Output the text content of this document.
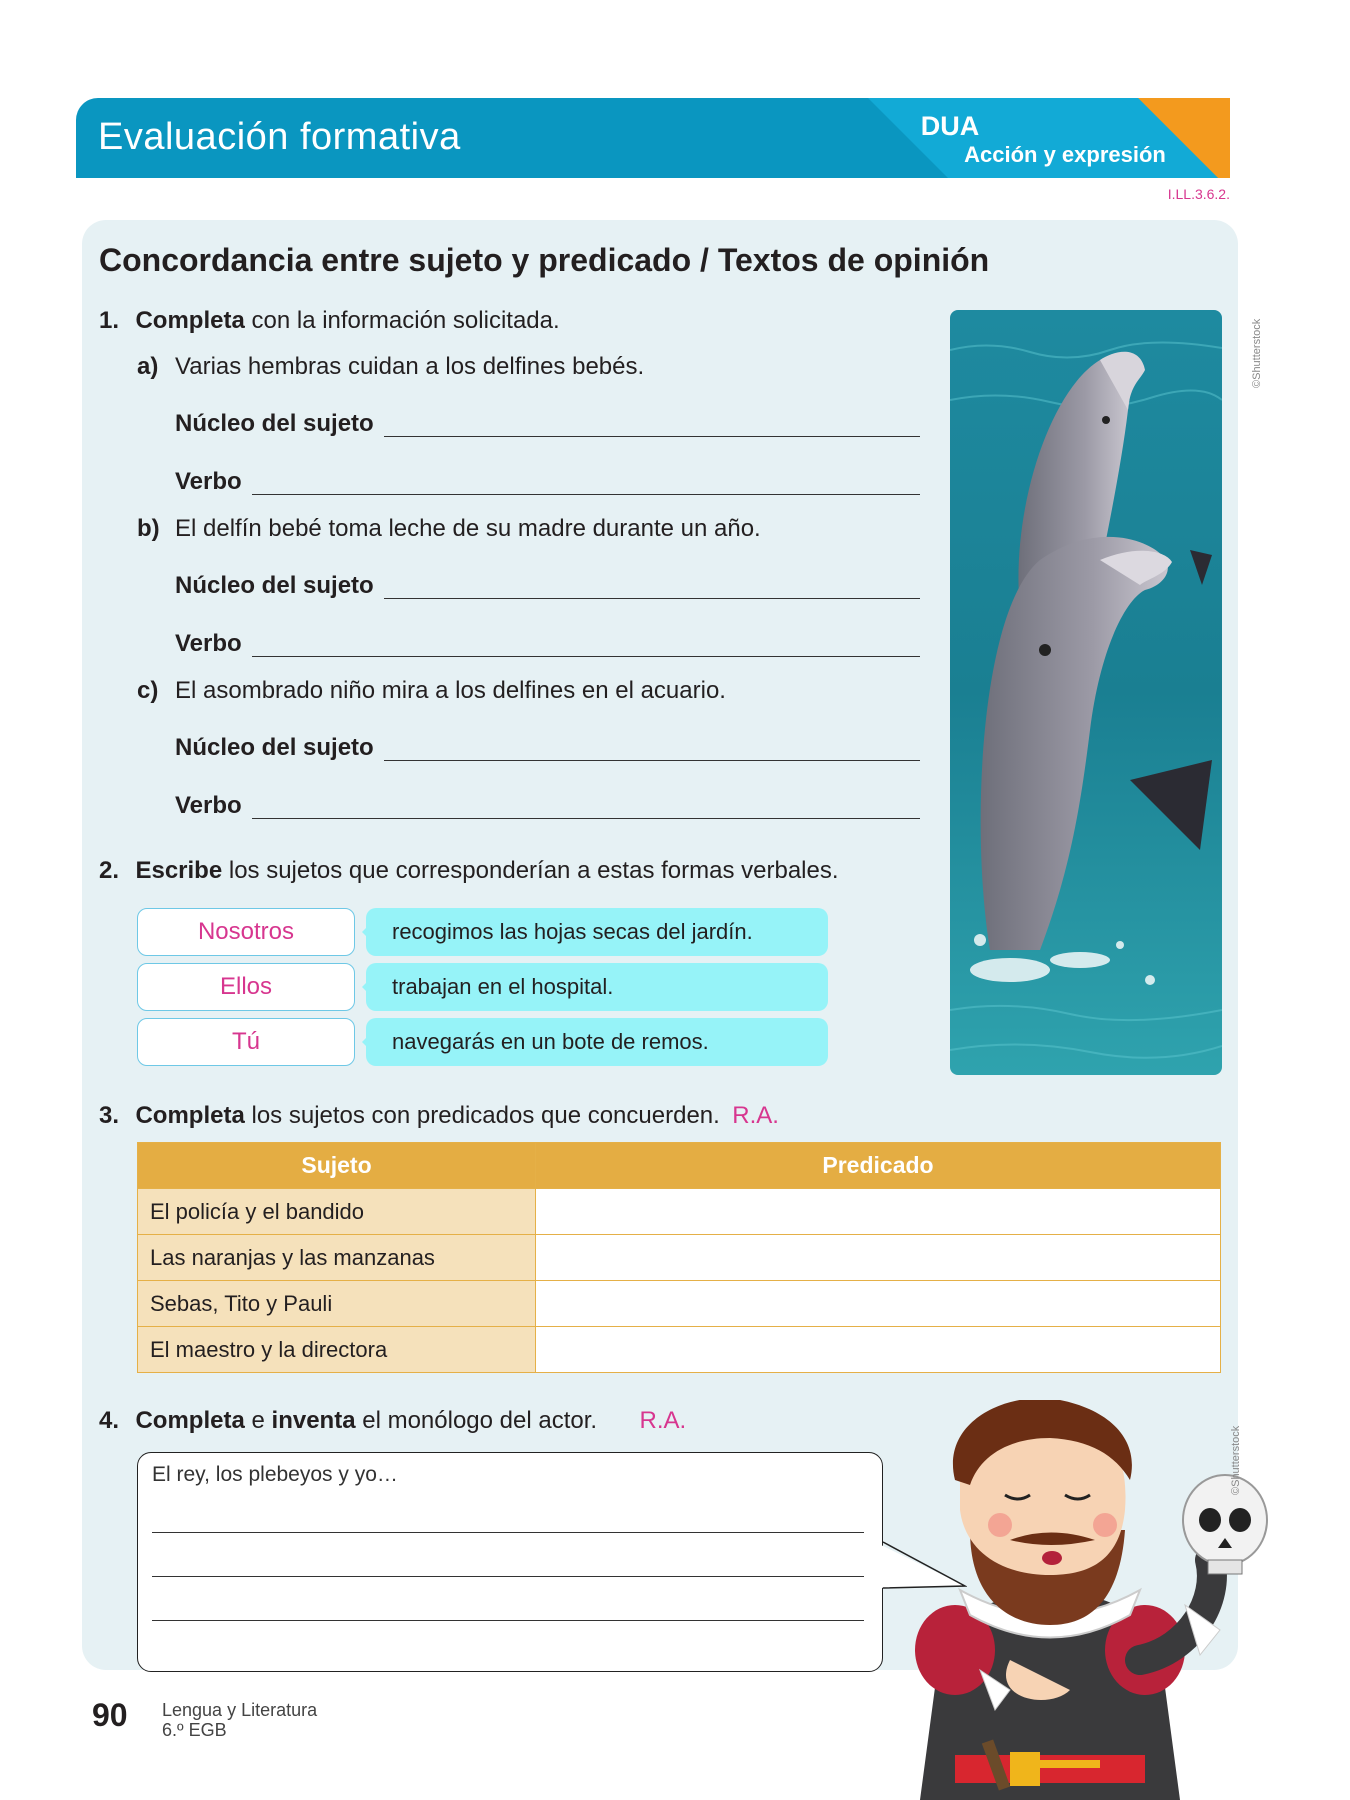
Evaluación formativa	DUA
Acción y expresión
I.LL.3.6.2.
Concordancia entre sujeto y predicado / Textos de opinión
1. Completa con la información solicitada.
a) Varias hembras cuidan a los delfines bebés.
Núcleo del sujeto
Verbo
b) El delfín bebé toma leche de su madre durante un año.
Núcleo del sujeto
Verbo
c) El asombrado niño mira a los delfines en el acuario.
Núcleo del sujeto
Verbo
©Shutterstock
2. Escribe los sujetos que corresponderían a estas formas verbales.
Nosotros	recogimos las hojas secas del jardín.
Ellos	trabajan en el hospital.
Tú	navegarás en un bote de remos.
3. Completa los sujetos con predicados que concuerden. R.A.
Sujeto	Predicado
El policía y el bandido	
Las naranjas y las manzanas	
Sebas, Tito y Pauli	
El maestro y la directora	
4. Completa e inventa el monólogo del actor. R.A.
El rey, los plebeyos y yo…	©Shutterstock
90 Lengua y Literatura
6.º EGB
